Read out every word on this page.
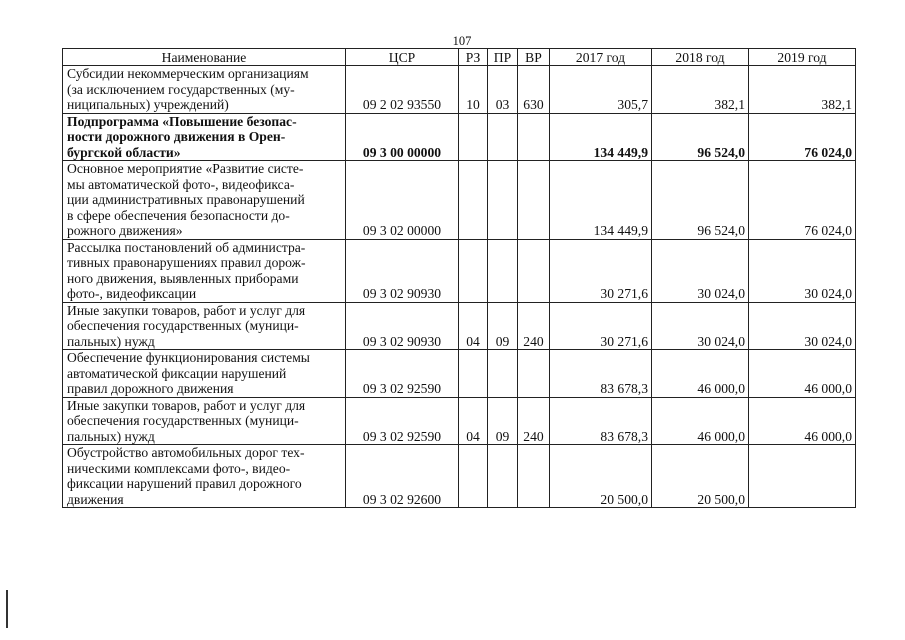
107
Наименование	ЦСР	РЗ	ПР	ВР	2017 год	2018 год	2019 год
Субсидии некоммерческим организациям
(за исключением государственных (му-
ниципальных) учреждений)	09 2 02 93550	10	03	630	305,7	382,1	382,1
Подпрограмма «Повышение безопас-
ности дорожного движения в Орен-
бургской области»	09 3 00 00000				134 449,9	96 524,0	76 024,0
Основное мероприятие «Развитие систе-
мы автоматической фото-, видеофикса-
ции административных правонарушений
в сфере обеспечения безопасности до-
рожного движения»	09 3 02 00000				134 449,9	96 524,0	76 024,0
Рассылка постановлений об администра-
тивных правонарушениях правил дорож-
ного движения, выявленных приборами
фото-, видеофиксации	09 3 02 90930				30 271,6	30 024,0	30 024,0
Иные закупки товаров, работ и услуг для
обеспечения государственных (муници-
пальных) нужд	09 3 02 90930	04	09	240	30 271,6	30 024,0	30 024,0
Обеспечение функционирования системы
автоматической фиксации нарушений
правил дорожного движения	09 3 02 92590				83 678,3	46 000,0	46 000,0
Иные закупки товаров, работ и услуг для
обеспечения государственных (муници-
пальных) нужд	09 3 02 92590	04	09	240	83 678,3	46 000,0	46 000,0
Обустройство автомобильных дорог тех-
ническими комплексами фото-, видео-
фиксации нарушений правил дорожного
движения	09 3 02 92600				20 500,0	20 500,0	
